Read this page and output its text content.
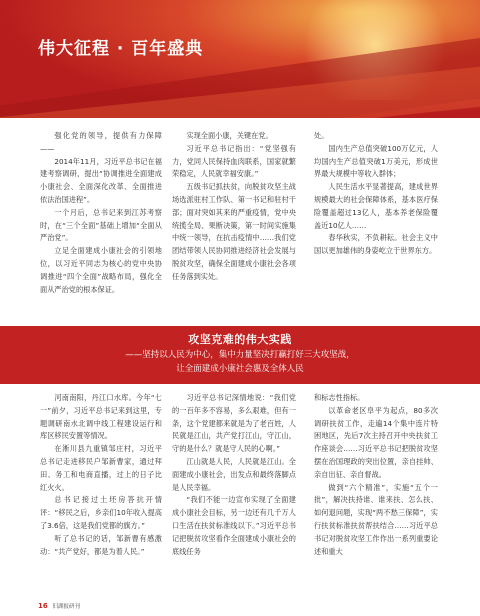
伟大征程 · 百年盛典

强化党的领导，提供有力保障——

2014年11月，习近平总书记在福建考察调研，提出“协调推进全面建成小康社会、全面深化改革、全面推进依法治国进程”。

一个月后，总书记来到江苏考察时，在“三个全面”基础上增加“全面从严治党”。

立足全面建成小康社会的引领地位，以习近平同志为核心的党中央协调推进“四个全面”战略布局，强化全面从严治党的根本保证。

实现全面小康，关键在党。

习近平总书记指出：“党坚强有力，党同人民保持血肉联系，国家就繁荣稳定，人民就幸福安康。”

五级书记抓扶贫，向脱贫攻坚主战场选派驻村工作队、第一书记和驻村干部；面对突如其来的严重疫情，党中央统揽全局、果断决策，第一时间实施集中统一领导，在抗击疫情中……我们党团结带领人民协同推进经济社会发展与脱贫攻坚，确保全面建成小康社会各项任务落到实处。

处。

国内生产总值突破100万亿元，人均国内生产总值突破1万美元，形成世界最大规模中等收入群体；

人民生活水平显著提高，建成世界规模最大的社会保障体系，基本医疗保险覆盖超过13亿人，基本养老保险覆盖近10亿人……

春华秋实，不负耕耘。社会主义中国以更加雄伟的身姿屹立于世界东方。

攻坚克难的伟大实践
——坚持以人民为中心，集中力量坚决打赢打好三大攻坚战，
让全面建成小康社会惠及全体人民

河南南阳，丹江口水库。今年“七一”前夕，习近平总书记来到这里，专题调研南水北调中线工程建设运行和库区移民安置等情况。

在淅川县九重镇邹庄村，习近平总书记走进移民户邹新曹家，通过拜田、务工和电商直播，过上的日子比红火火。

总书记接过土坯房答抗开情评：“移民之后，乡亲们10年收入提高了3.6倍，这是我们党都的旗方。”

听了总书记的话，邹新曹有感激动：“共产党好，都是为着人民。”

习近平总书记深情地说：“我们党的一百年多不容易，多么艰难，但有一条，这个党建都来就是为了老百姓，人民就是江山，共产党打江山，守江山，守的是什么？就是守人民的心啊。”

江山就是人民，人民就是江山。全面建成小康社会，出发点和最终落脚点是人民幸福。

“我们不能一边宣布实现了全面建成小康社会目标，另一边还有几千万人口生活在扶贫标准线以下。”习近平总书记把脱贫攻坚看作全面建成小康社会的底线任务

和标志性指标。

以革命老区阜平为起点，80多次调研扶贫工作，走遍14个集中连片特困地区，先后7次主持召开中央扶贫工作座谈会……习近平总书记把脱贫攻坚摆在治国理政的突出位置，亲自挂帅、亲自出征、亲自督战。

做到“六个精准”，实施“五个一批”，解决扶持谁、谁来扶、怎么扶、如何退问题，实现“两不愁三保障”，实行扶贫标准扶贫帮扶结合……习近平总书记对脱贫攻坚工作作出一系列重要论述和重大

16 旧湖报研刊
